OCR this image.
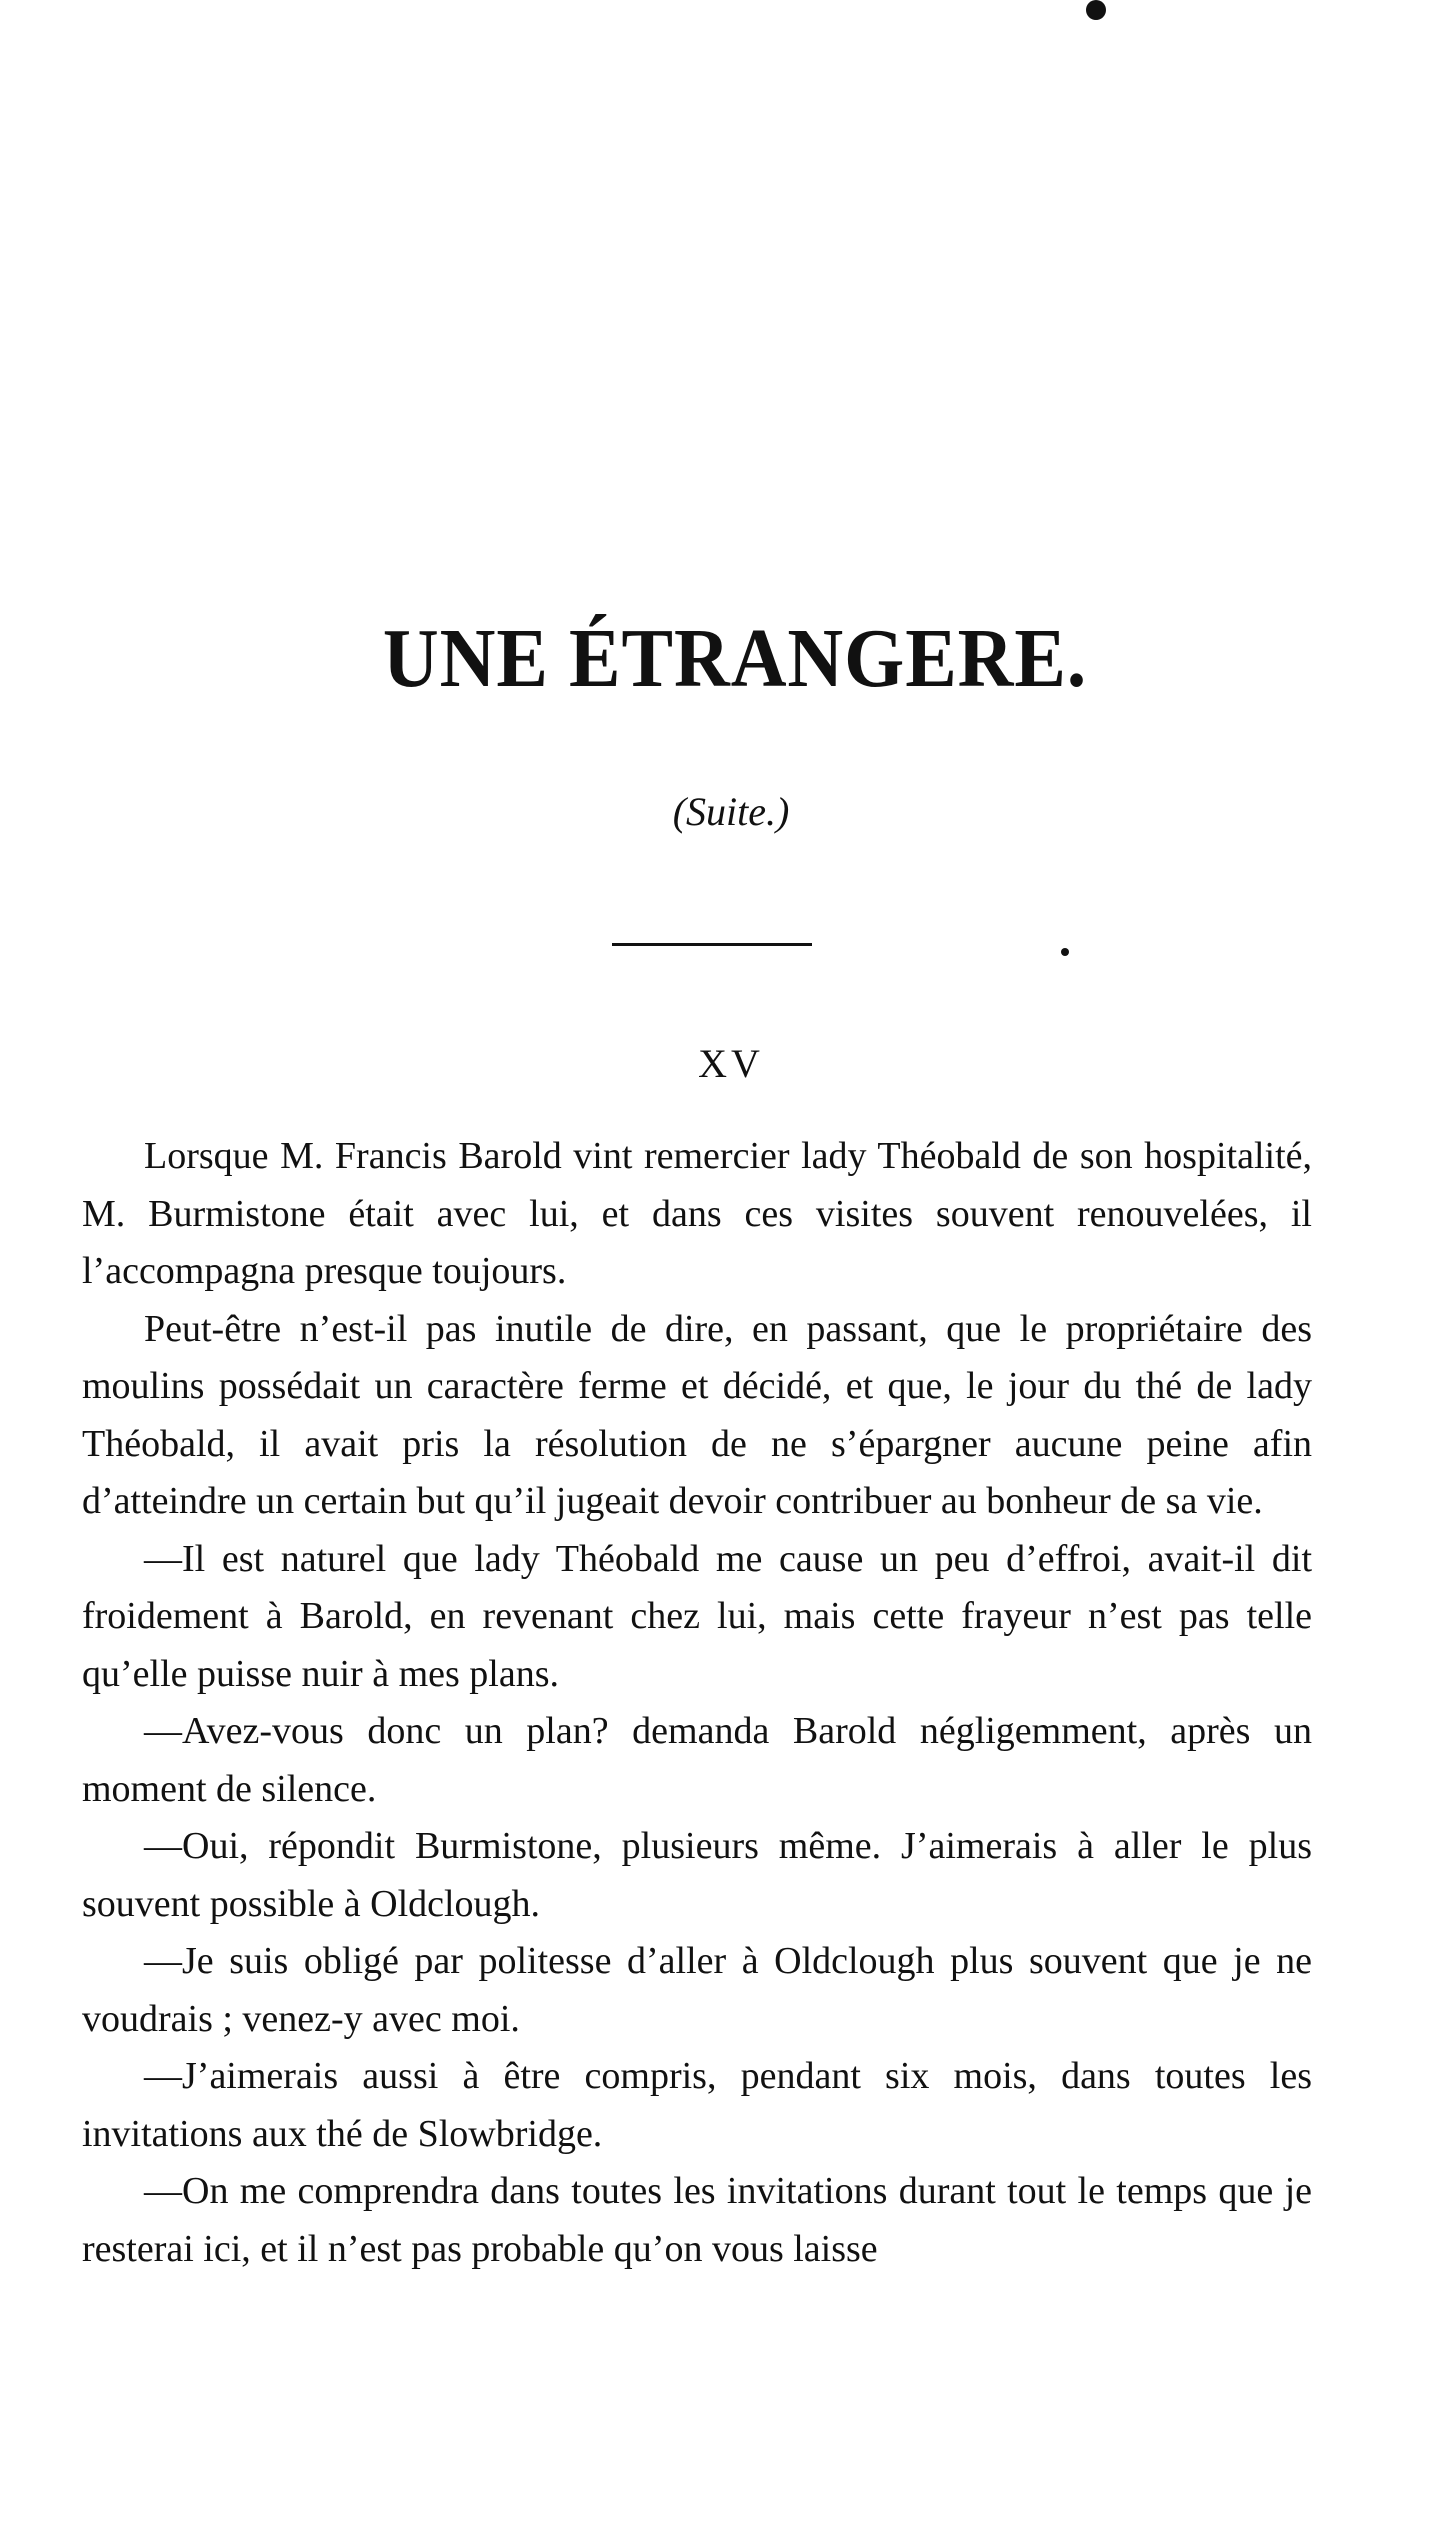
UNE ÉTRANGERE.
(Suite.)
XV

Lorsque M. Francis Barold vint remercier lady Théobald de son hospitalité, M. Burmistone était avec lui, et dans ces visites souvent renouvelées, il l’accompagna presque toujours.

Peut-être n’est-il pas inutile de dire, en passant, que le propriétaire des moulins possédait un caractère ferme et décidé, et que, le jour du thé de lady Théobald, il avait pris la résolution de ne s’épargner aucune peine afin d’atteindre un certain but qu’il jugeait devoir contribuer au bonheur de sa vie.

—Il est naturel que lady Théobald me cause un peu d’effroi, avait-il dit froidement à Barold, en revenant chez lui, mais cette frayeur n’est pas telle qu’elle puisse nuir à mes plans.

—Avez-vous donc un plan? demanda Barold négligemment, après un moment de silence.

—Oui, répondit Burmistone, plusieurs même. J’aimerais à aller le plus souvent possible à Oldclough.

—Je suis obligé par politesse d’aller à Oldclough plus souvent que je ne voudrais ; venez-y avec moi.

—J’aimerais aussi à être compris, pendant six mois, dans toutes les invitations aux thé de Slowbridge.

—On me comprendra dans toutes les invitations durant tout le temps que je resterai ici, et il n’est pas probable qu’on vous laisse
